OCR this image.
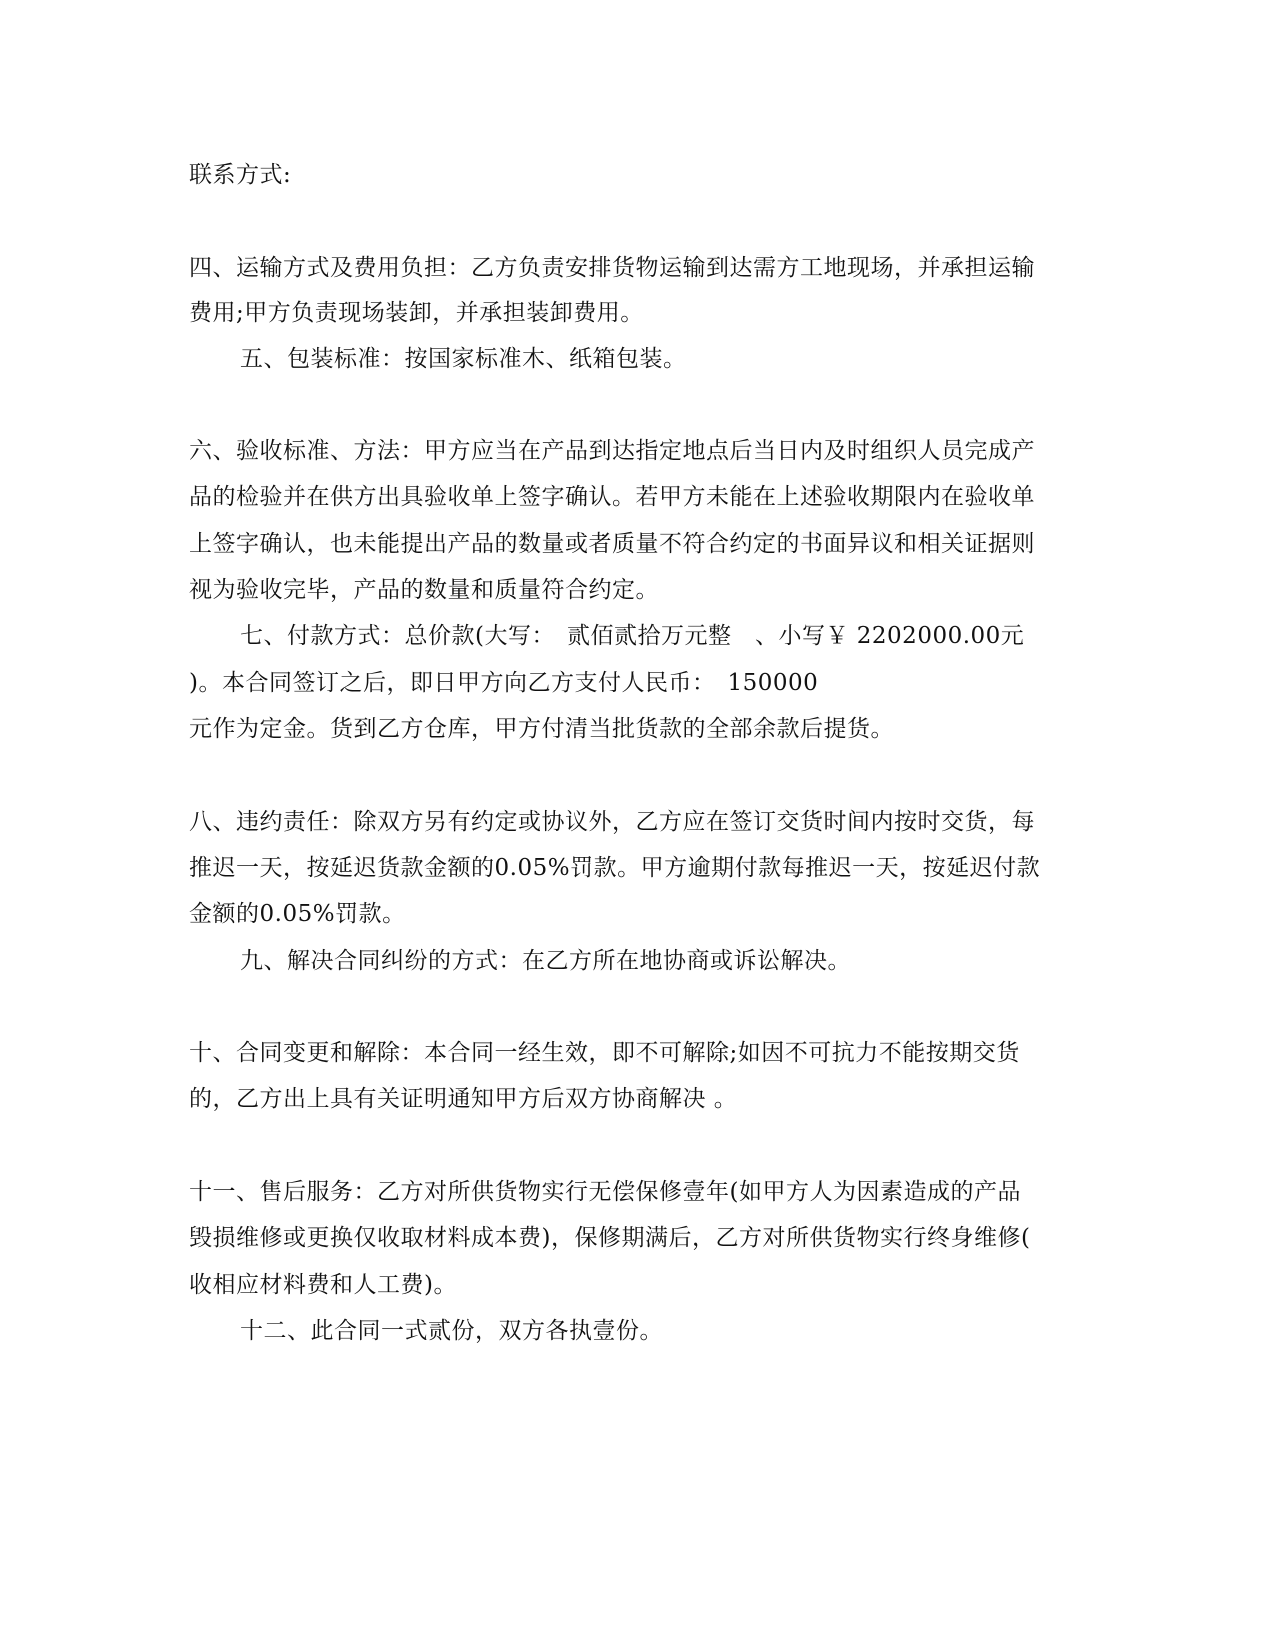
联系方式:
四、运输方式及费用负担：乙方负责安排货物运输到达需方工地现场，并承担运输
费用;甲方负责现场装卸，并承担装卸费用。
五、包装标准：按国家标准木、纸箱包装。
六、验收标准、方法：甲方应当在产品到达指定地点后当日内及时组织人员完成产
品的检验并在供方出具验收单上签字确认。若甲方未能在上述验收期限内在验收单
上签字确认，也未能提出产品的数量或者质量不符合约定的书面异议和相关证据则
视为验收完毕，产品的数量和质量符合约定。
七、付款方式：总价款(大写：　贰佰贰拾万元整　、小写￥ 2202000.00元
)。本合同签订之后，即日甲方向乙方支付人民币：　150000
元作为定金。货到乙方仓库，甲方付清当批货款的全部余款后提货。
八、违约责任：除双方另有约定或协议外，乙方应在签订交货时间内按时交货，每
推迟一天，按延迟货款金额的0.05%罚款。甲方逾期付款每推迟一天，按延迟付款
金额的0.05%罚款。
九、解决合同纠纷的方式：在乙方所在地协商或诉讼解决。
十、合同变更和解除：本合同一经生效，即不可解除;如因不可抗力不能按期交货
的，乙方出上具有关证明通知甲方后双方协商解决 。
十一、售后服务：乙方对所供货物实行无偿保修壹年(如甲方人为因素造成的产品
毁损维修或更换仅收取材料成本费)，保修期满后，乙方对所供货物实行终身维修(
收相应材料费和人工费)。
十二、此合同一式贰份，双方各执壹份。
